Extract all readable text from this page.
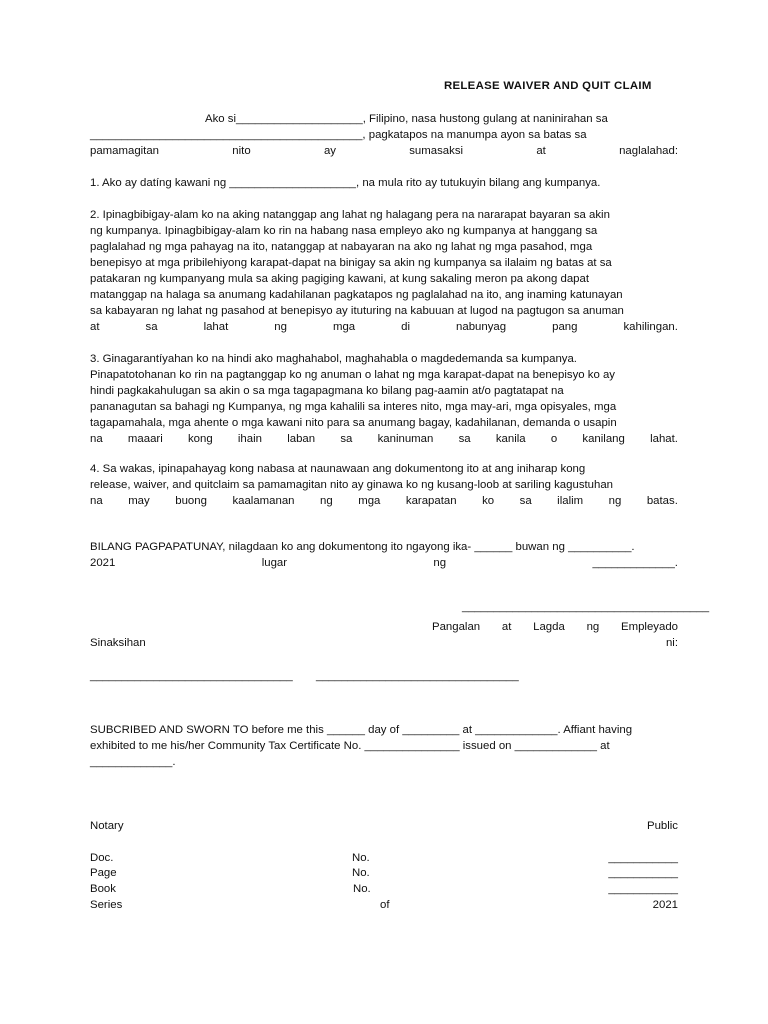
RELEASE WAIVER AND QUIT CLAIM
Ako si____________________, Filipino, nasa hustong gulang at naninirahan sa
___________________________________________, pagkatapos na manumpa ayon sa batas sa
pamamagitan	nito	ay	sumasaksi	at	naglalahad:
1. Ako ay datíng kawani ng ____________________, na mula rito ay tutukuyin bilang ang kumpanya.
2. Ipinagbibigay-alam ko na aking natanggap ang lahat ng halagang pera na nararapat bayaran sa akin
ng kumpanya. Ipinagbibigay-alam ko rin na habang nasa empleyo ako ng kumpanya at hanggang sa
paglalahad ng mga pahayag na ito, natanggap at nabayaran na ako ng lahat ng mga pasahod, mga
benepisyo at mga pribilehiyong karapat-dapat na binigay sa akin ng kumpanya sa ilalaim ng batas at sa
patakaran ng kumpanyang mula sa aking pagiging kawani, at kung sakaling meron pa akong dapat
matanggap na halaga sa anumang kadahilanan pagkatapos ng paglalahad na ito, ang inaming katunayan
sa kabayaran ng lahat ng pasahod at benepisyo ay ituturing na kabuuan at lugod na pagtugon sa anuman
at	sa	lahat	ng	mga	di	nabunyag	pang	kahilingan.
3. Ginagarantíyahan ko na hindi ako maghahabol, maghahabla o magdedemanda sa kumpanya.
Pinapatotohanan ko rin na pagtanggap ko ng anuman o lahat ng mga karapat-dapat na benepisyo ko ay
hindi pagkakahulugan sa akin o sa mga tagapagmana ko bilang pag-aamin at/o pagtatapat na
pananagutan sa bahagi ng Kumpanya, ng mga kahalili sa interes nito, mga may-ari, mga opisyales, mga
tagapamahala, mga ahente o mga kawani nito para sa anumang bagay, kadahilanan, demanda o usapin
na maaari kong ihain laban sa kaninuman sa kanila o kanilang lahat.
4. Sa wakas, ipinapahayag kong nabasa at naunawaan ang dokumentong ito at ang iniharap kong
release, waiver, and quitclaim sa pamamagitan nito ay ginawa ko ng kusang-loob at sariling kagustuhan
na may buong kaalamanan ng mga karapatan ko sa ilalim ng batas.
BILANG PAGPAPATUNAY, nilagdaan ko ang dokumentong ito ngayong ika- ______ buwan ng __________.
2021	lugar	ng	_____________.
_______________________________________
Pangalan at Lagda ng Empleyado
Sinaksihan	ni:
________________________________ ________________________________
SUBCRIBED AND SWORN TO before me this ______ day of _________ at _____________. Affiant having
exhibited to me his/her Community Tax Certificate No. _______________ issued on _____________ at
_____________.
Notary	Public
Doc.	No.	___________
Page	No.	___________
Book	No.	___________
Series	of	2021
